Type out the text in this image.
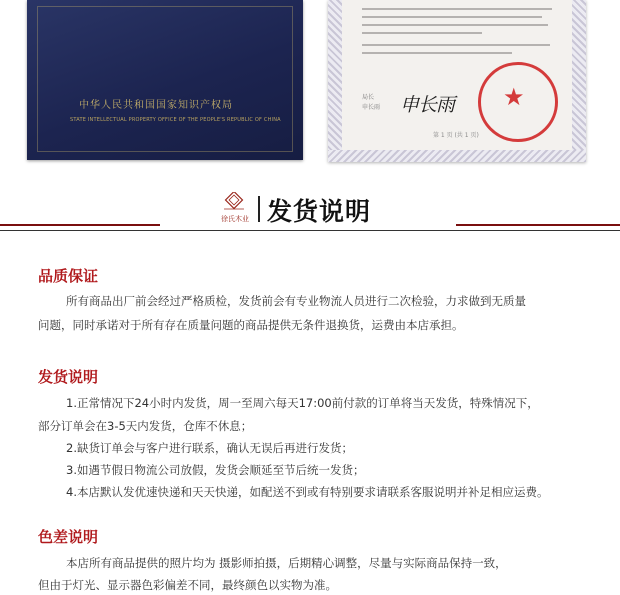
中华人民共和国国家知识产权局
STATE INTELLECTUAL PROPERTY OFFICE OF THE PEOPLE'S REPUBLIC OF CHINA
局长
申长雨 申长雨 ★
第 1 页 (共 1 页)
徐氏木业 发货说明
品质保证
所有商品出厂前会经过严格质检，发货前会有专业物流人员进行二次检验，力求做到无质量
问题，同时承诺对于所有存在质量问题的商品提供无条件退换货，运费由本店承担。
发货说明
1.正常情况下24小时内发货，周一至周六每天17:00前付款的订单将当天发货，特殊情况下，
部分订单会在3-5天内发货，仓库不休息；
2.缺货订单会与客户进行联系，确认无误后再进行发货；
3.如遇节假日物流公司放假，发货会顺延至节后统一发货；
4.本店默认发优速快递和天天快递，如配送不到或有特别要求请联系客服说明并补足相应运费。
色差说明
本店所有商品提供的照片均为 摄影师拍摄，后期精心调整，尽量与实际商品保持一致，
但由于灯光、显示器色彩偏差不同，最终颜色以实物为准。
